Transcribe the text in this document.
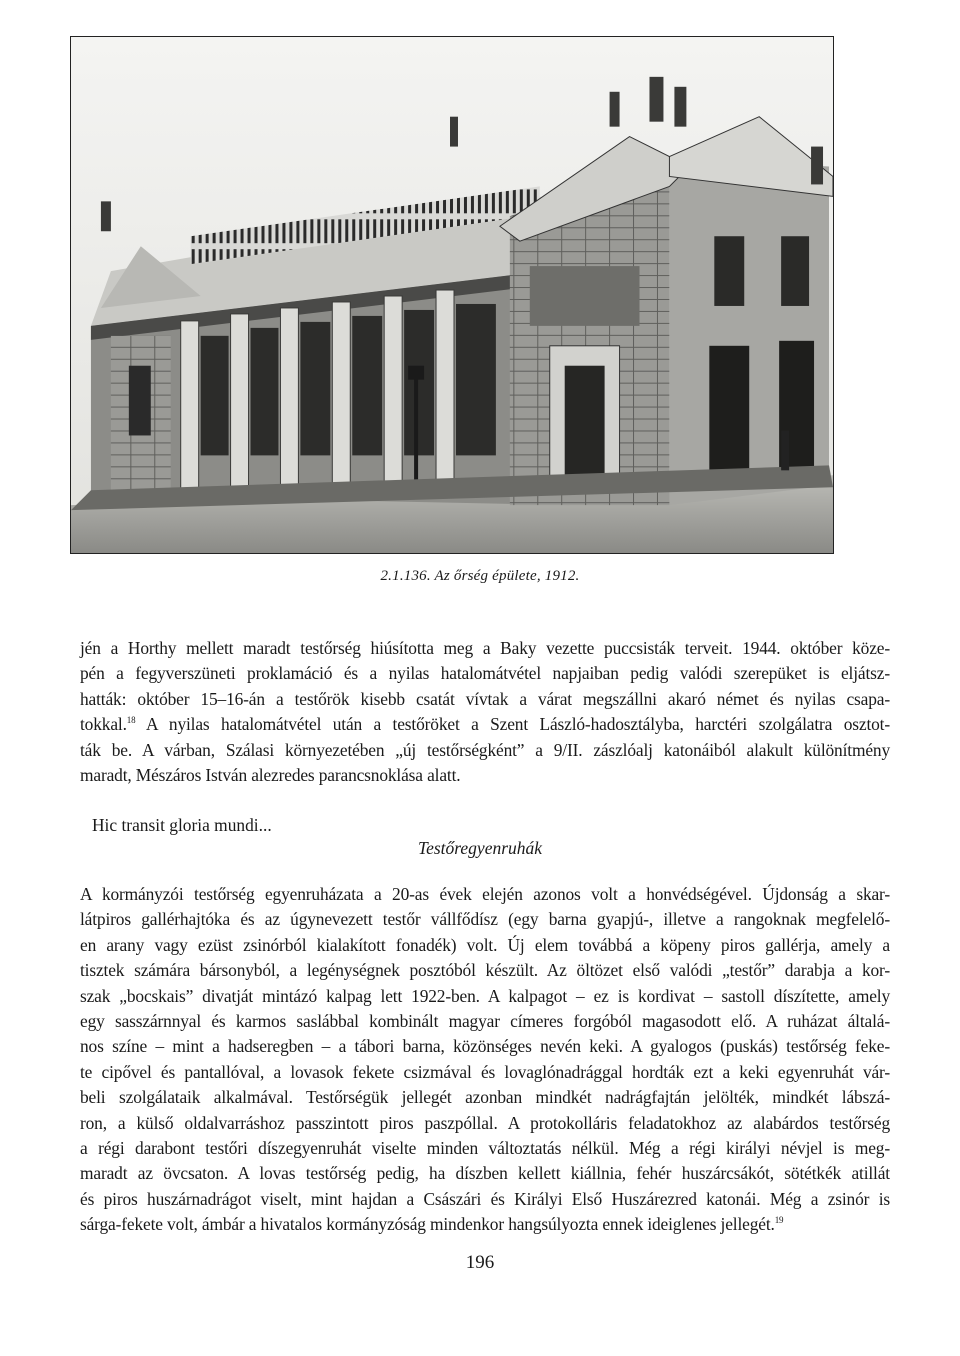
2.1.136. Az őrség épülete, 1912.
jén a Horthy mellett maradt testőrség hiúsította meg a Baky vezette puccsisták terveit. 1944. október köze-
pén a fegyverszüneti proklamáció és a nyilas hatalomátvétel napjaiban pedig valódi szerepüket is eljátsz-
hatták: október 15–16-án a testőrök kisebb csatát vívtak a várat megszállni akaró német és nyilas csapa-
tokkal.$^{18}$ A nyilas hatalomátvétel után a testőröket a Szent László-hadosztályba, harctéri szolgálatra osztot-
ták be. A várban, Szálasi környezetében „új testőrségként” a 9/II. zászlóalj katonáiból alakult különítmény
maradt, Mészáros István alezredes parancsnoklása alatt.
Hic transit gloria mundi...
Testőregyenruhák
A kormányzói testőrség egyenruházata a 20-as évek elején azonos volt a honvédségével. Újdonság a skar-
látpiros gallérhajtóka és az úgynevezett testőr vállfődísz (egy barna gyapjú-, illetve a rangoknak megfelelő-
en arany vagy ezüst zsinórból kialakított fonadék) volt. Új elem továbbá a köpeny piros gallérja, amely a
tisztek számára bársonyból, a legénységnek posztóból készült. Az öltözet első valódi „testőr” darabja a kor-
szak „bocskais” divatját mintázó kalpag lett 1922-ben. A kalpagot – ez is kordivat – sastoll díszítette, amely
egy sasszárnnyal és karmos saslábbal kombinált magyar címeres forgóból magasodott elő. A ruházat általá-
nos színe – mint a hadseregben – a tábori barna, közönséges nevén keki. A gyalogos (puskás) testőrség feke-
te cipővel és pantallóval, a lovasok fekete csizmával és lovaglónadrággal hordták ezt a keki egyenruhát vár-
beli szolgálataik alkalmával. Testőrségük jellegét azonban mindkét nadrágfajtán jelölték, mindkét lábszá-
ron, a külső oldalvarráshoz passzintott piros paszpóllal. A protokolláris feladatokhoz az alabárdos testőrség
a régi darabont testőri díszegyenruhát viselte minden változtatás nélkül. Még a régi királyi névjel is meg-
maradt az övcsaton. A lovas testőrség pedig, ha díszben kellett kiállnia, fehér huszárcsákót, sötétkék atillát
és piros huszárnadrágot viselt, mint hajdan a Császári és Királyi Első Huszárezred katonái. Még a zsinór is
sárga-fekete volt, ámbár a hivatalos kormányzóság mindenkor hangsúlyozta ennek ideiglenes jellegét.$^{19}$
196
